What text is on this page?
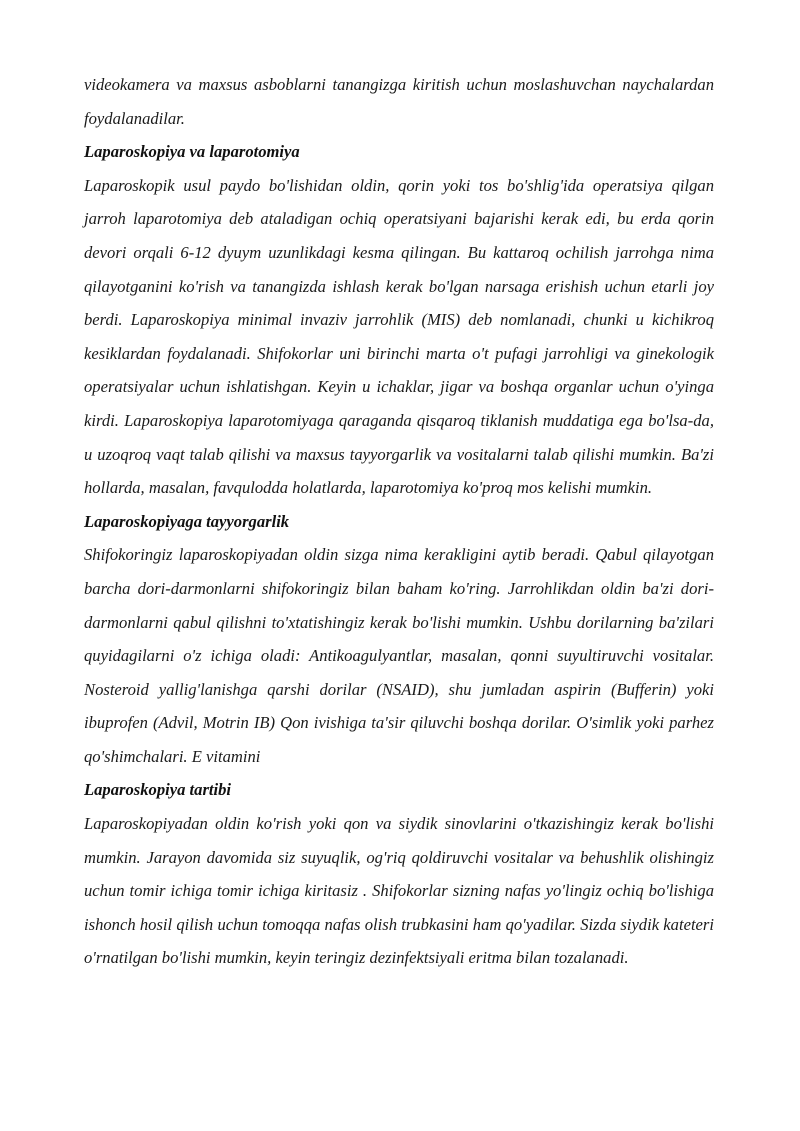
videokamera va maxsus asboblarni tanangizga kiritish uchun moslashuvchan naychalardan foydalanadilar.

Laparoskopiya va laparotomiya

Laparoskopik usul paydo bo'lishidan oldin, qorin yoki tos bo'shlig'ida operatsiya qilgan jarroh laparotomiya deb ataladigan ochiq operatsiyani bajarishi kerak edi, bu erda qorin devori orqali 6-12 dyuym uzunlikdagi kesma qilingan. Bu kattaroq ochilish jarrohga nima qilayotganini ko'rish va tanangizda ishlash kerak bo'lgan narsaga erishish uchun etarli joy berdi. Laparoskopiya minimal invaziv jarrohlik (MIS) deb nomlanadi, chunki u kichikroq kesiklardan foydalanadi. Shifokorlar uni birinchi marta o't pufagi jarrohligi va ginekologik operatsiyalar uchun ishlatishgan. Keyin u ichaklar, jigar va boshqa organlar uchun o'yinga kirdi. Laparoskopiya laparotomiyaga qaraganda qisqaroq tiklanish muddatiga ega bo'lsa-da, u uzoqroq vaqt talab qilishi va maxsus tayyorgarlik va vositalarni talab qilishi mumkin. Ba'zi hollarda, masalan, favqulodda holatlarda, laparotomiya ko'proq mos kelishi mumkin.

Laparoskopiyaga tayyorgarlik

Shifokoringiz laparoskopiyadan oldin sizga nima kerakligini aytib beradi. Qabul qilayotgan barcha dori-darmonlarni shifokoringiz bilan baham ko'ring. Jarrohlikdan oldin ba'zi dori-darmonlarni qabul qilishni to'xtatishingiz kerak bo'lishi mumkin. Ushbu dorilarning ba'zilari quyidagilarni o'z ichiga oladi: Antikoagulyantlar, masalan, qonni suyultiruvchi vositalar. Nosteroid yallig'lanishga qarshi dorilar (NSAID), shu jumladan aspirin (Bufferin) yoki ibuprofen (Advil, Motrin IB) Qon ivishiga ta'sir qiluvchi boshqa dorilar. O'simlik yoki parhez qo'shimchalari. E vitamini

Laparoskopiya tartibi

Laparoskopiyadan oldin ko'rish yoki qon va siydik sinovlarini o'tkazishingiz kerak bo'lishi mumkin. Jarayon davomida siz suyuqlik, og'riq qoldiruvchi vositalar va behushlik olishingiz uchun tomir ichiga tomir ichiga kiritasiz . Shifokorlar sizning nafas yo'lingiz ochiq bo'lishiga ishonch hosil qilish uchun tomoqqa nafas olish trubkasini ham qo'yadilar. Sizda siydik kateteri o'rnatilgan bo'lishi mumkin, keyin teringiz dezinfektsiyali eritma bilan tozalanadi.
